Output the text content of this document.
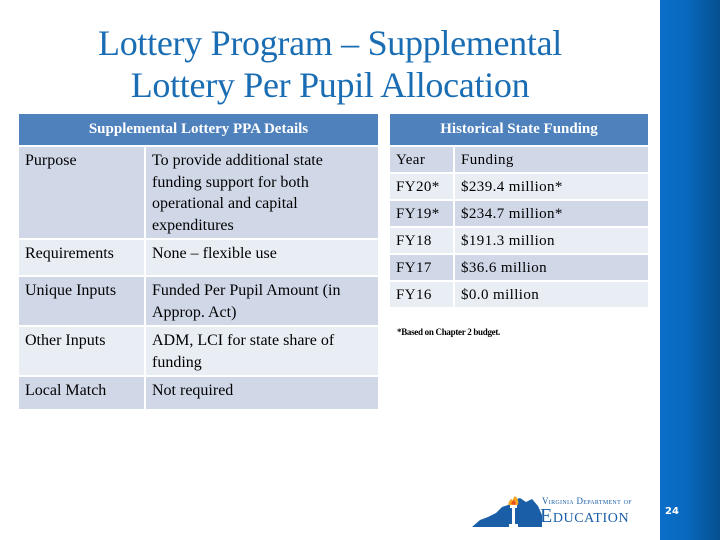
24
Lottery Program – Supplemental
Lottery Per Pupil Allocation
Supplemental Lottery PPA Details	
Purpose	To provide additional state funding support for both operational and capital expenditures
Requirements	None – flexible use
Unique Inputs	Funded Per Pupil Amount (in Approp. Act)
Other Inputs	ADM, LCI for state share of funding
Local Match	Not required
Historical State Funding	
Year	Funding
FY20*	$239.4 million*
FY19*	$234.7 million*
FY18	$191.3 million
FY17	$36.6 million
FY16	$0.0 million
*Based on Chapter 2 budget.
Virginia Department of
Education
